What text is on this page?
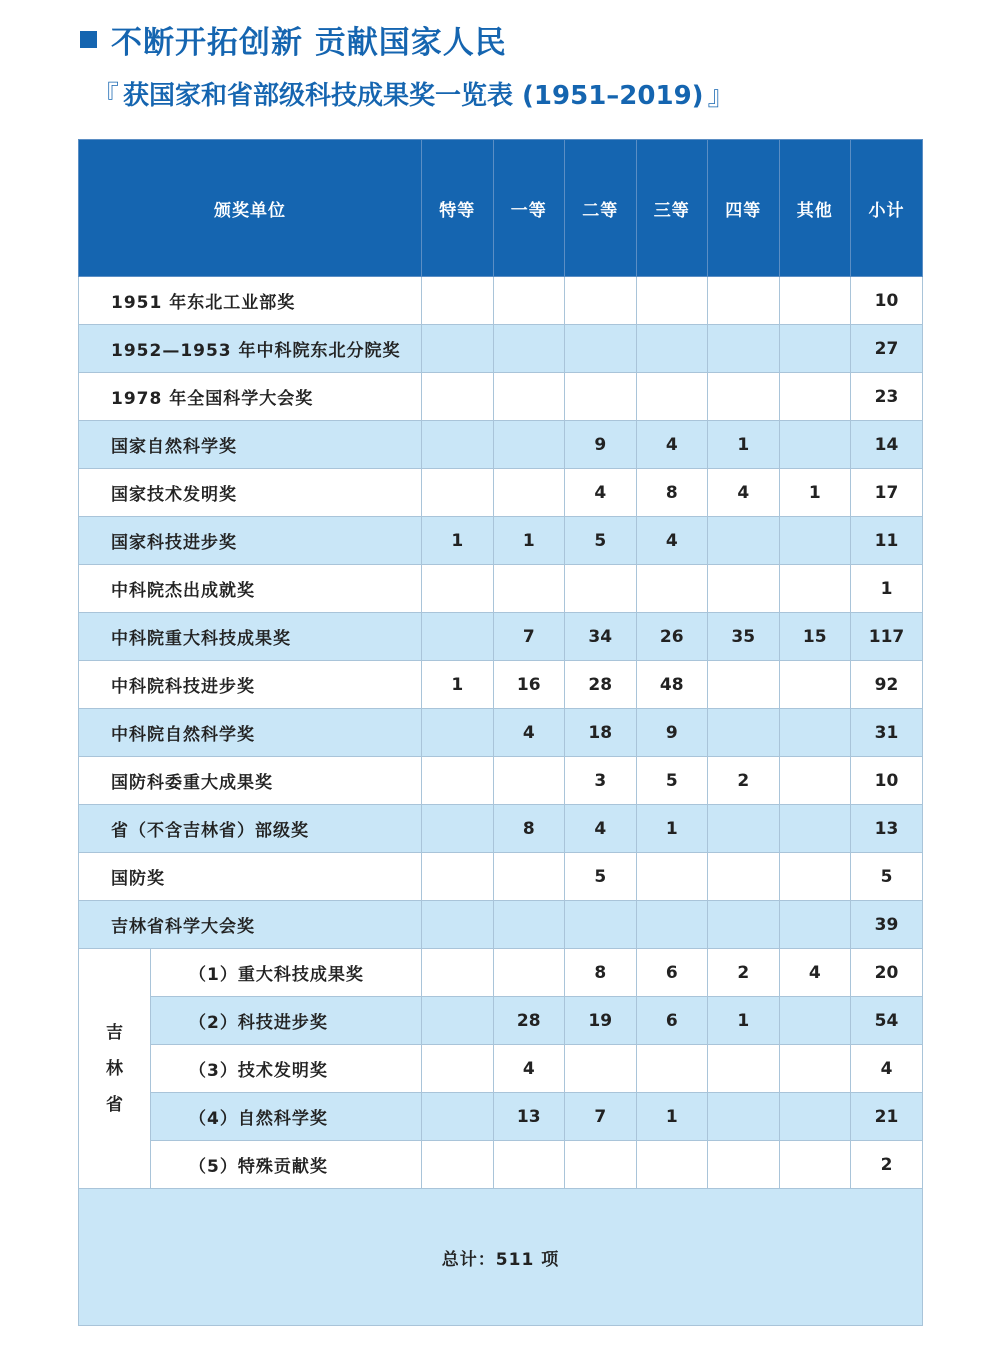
不断开拓创新 贡献国家人民
『 获国家和省部级科技成果奖一览表 (1951–2019) 』
颁奖单位		特等	一等	二等	三等	四等	其他	小计
1951 年东北工业部奖								10
1952—1953 年中科院东北分院奖								27
1978 年全国科学大会奖								23
国家自然科学奖				9	4	1		14
国家技术发明奖				4	8	4	1	17
国家科技进步奖		1	1	5	4			11
中科院杰出成就奖								1
中科院重大科技成果奖			7	34	26	35	15	117
中科院科技进步奖		1	16	28	48			92
中科院自然科学奖			4	18	9			31
国防科委重大成果奖				3	5	2		10
省（不含吉林省）部级奖			8	4	1			13
国防奖				5				5
吉林省科学大会奖								39

吉
林
省	（1）重大科技成果奖			8	6	2	4	20
	（2）科技进步奖		28	19	6	1		54
	（3）技术发明奖		4					4
	（4）自然科学奖		13	7	1			21
	（5）特殊贡献奖							2
总计：511 项								
